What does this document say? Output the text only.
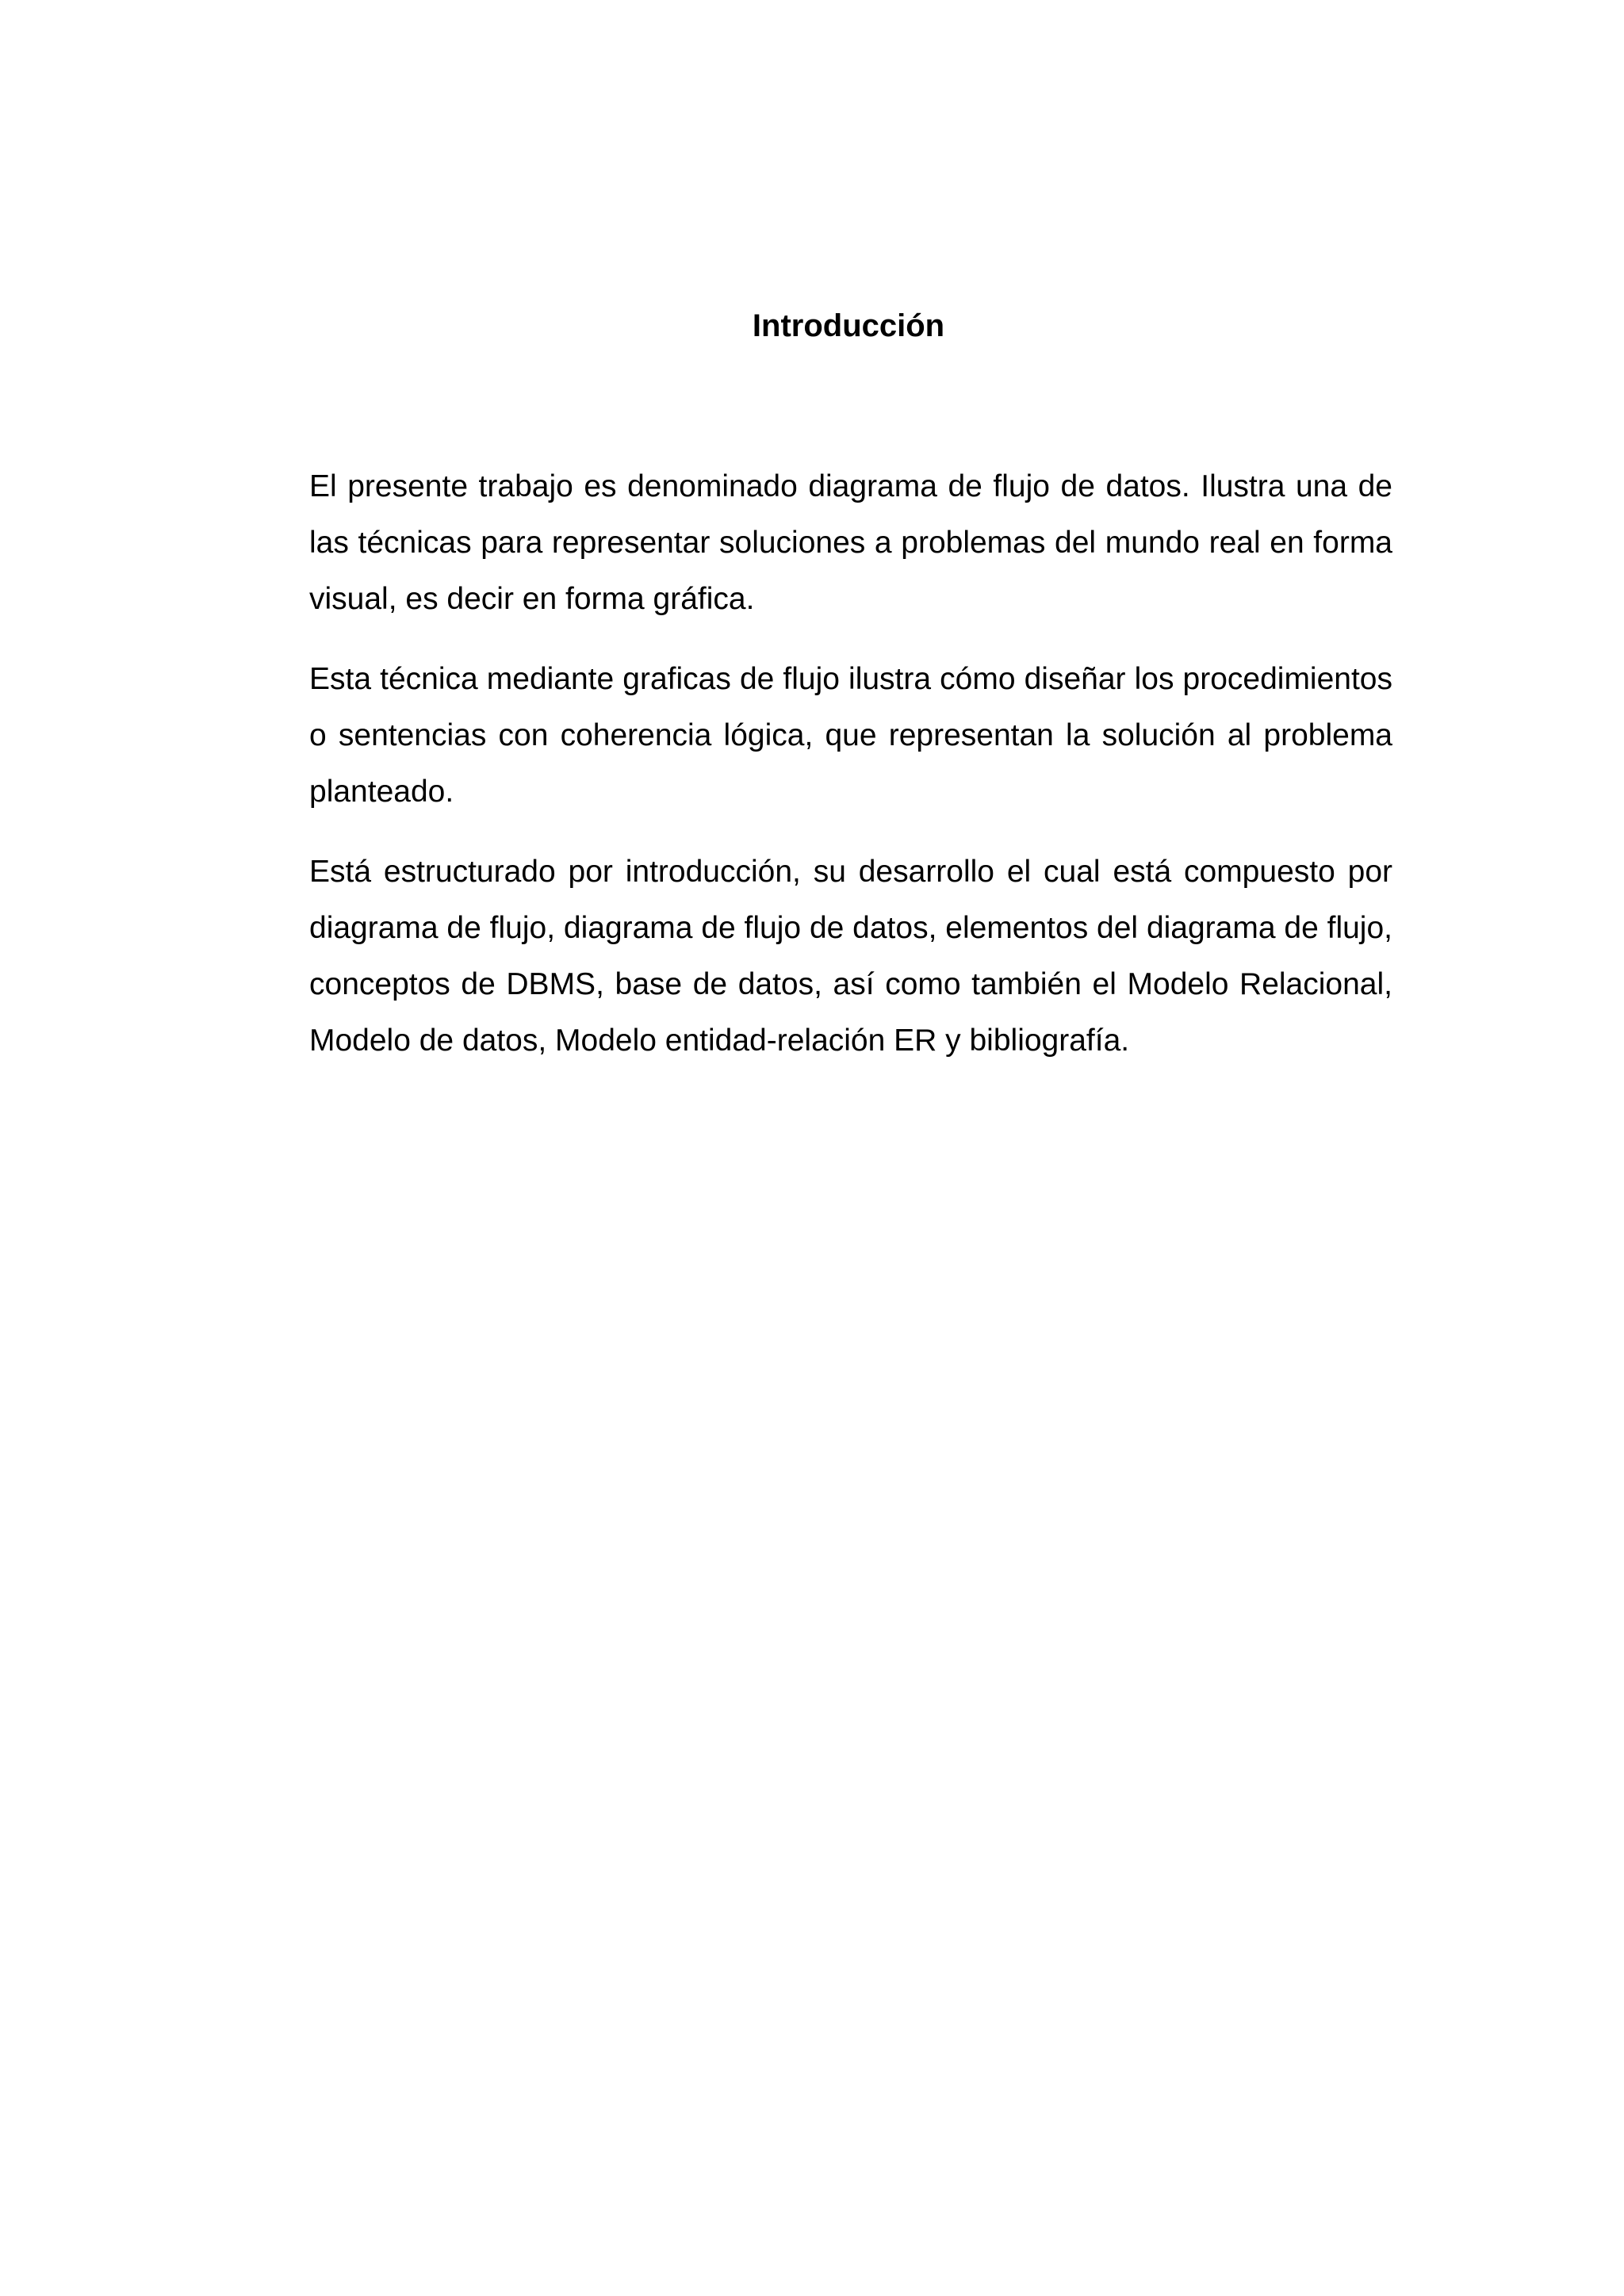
Introducción

El presente trabajo es denominado diagrama de flujo de datos. Ilustra una de las técnicas para representar soluciones a problemas del mundo real en forma visual, es decir en forma gráfica.

Esta técnica mediante graficas de flujo ilustra cómo diseñar los procedimientos o sentencias con coherencia lógica, que representan la solución al problema planteado.

Está estructurado por introducción, su desarrollo el cual está compuesto por diagrama de flujo, diagrama de flujo de datos, elementos del diagrama de flujo, conceptos de DBMS, base de datos, así como también el Modelo Relacional, Modelo de datos, Modelo entidad-relación ER y bibliografía.
